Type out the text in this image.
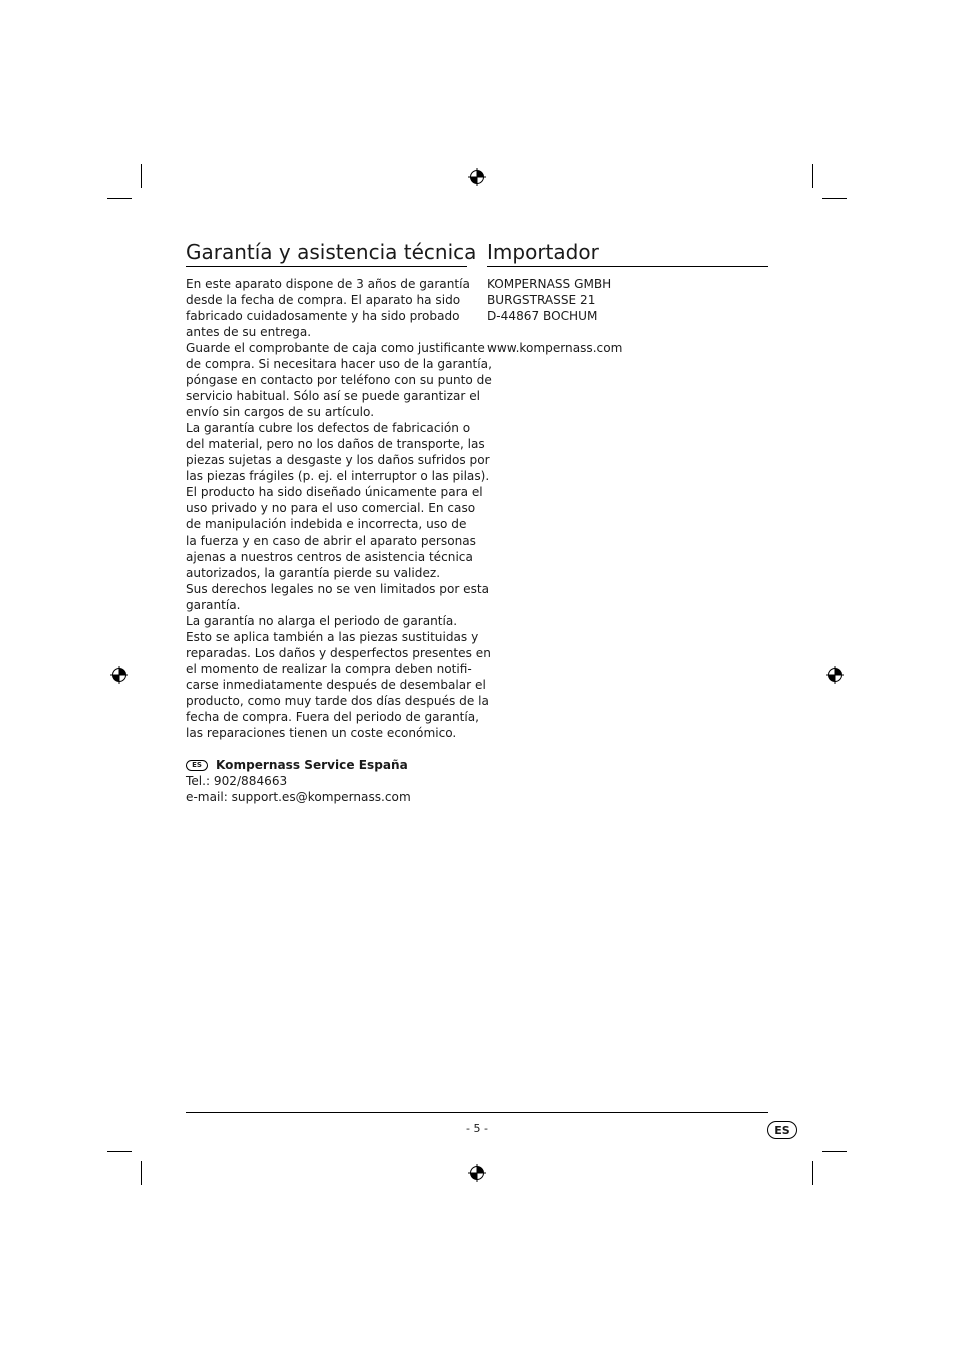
Garantía y asistencia técnica
En este aparato dispone de 3 años de garantía
desde la fecha de compra. El aparato ha sido
fabricado cuidadosamente y ha sido probado
antes de su entrega.
Guarde el comprobante de caja como justificante
de compra. Si necesitara hacer uso de la garantía,
póngase en contacto por teléfono con su punto de
servicio habitual. Sólo así se puede garantizar el
envío sin cargos de su artículo.
La garantía cubre los defectos de fabricación o
del material, pero no los daños de transporte, las
piezas sujetas a desgaste y los daños sufridos por
las piezas frágiles (p. ej. el interruptor o las pilas).
El producto ha sido diseñado únicamente para el
uso privado y no para el uso comercial. En caso
de manipulación indebida e incorrecta, uso de
la fuerza y en caso de abrir el aparato personas
ajenas a nuestros centros de asistencia técnica
autorizados, la garantía pierde su validez.
Sus derechos legales no se ven limitados por esta
garantía.
La garantía no alarga el periodo de garantía.
Esto se aplica también a las piezas sustituidas y
reparadas. Los daños y desperfectos presentes en
el momento de realizar la compra deben notifi-
carse inmediatamente después de desembalar el
producto, como muy tarde dos días después de la
fecha de compra. Fuera del periodo de garantía,
las reparaciones tienen un coste económico.
ES	Kompernass Service España
Tel.: 902/884663
e-mail: support.es@kompernass.com
Importador
KOMPERNASS GMBH
BURGSTRASSE 21
D-44867 BOCHUM
www.kompernass.com
- 5 -	ES
